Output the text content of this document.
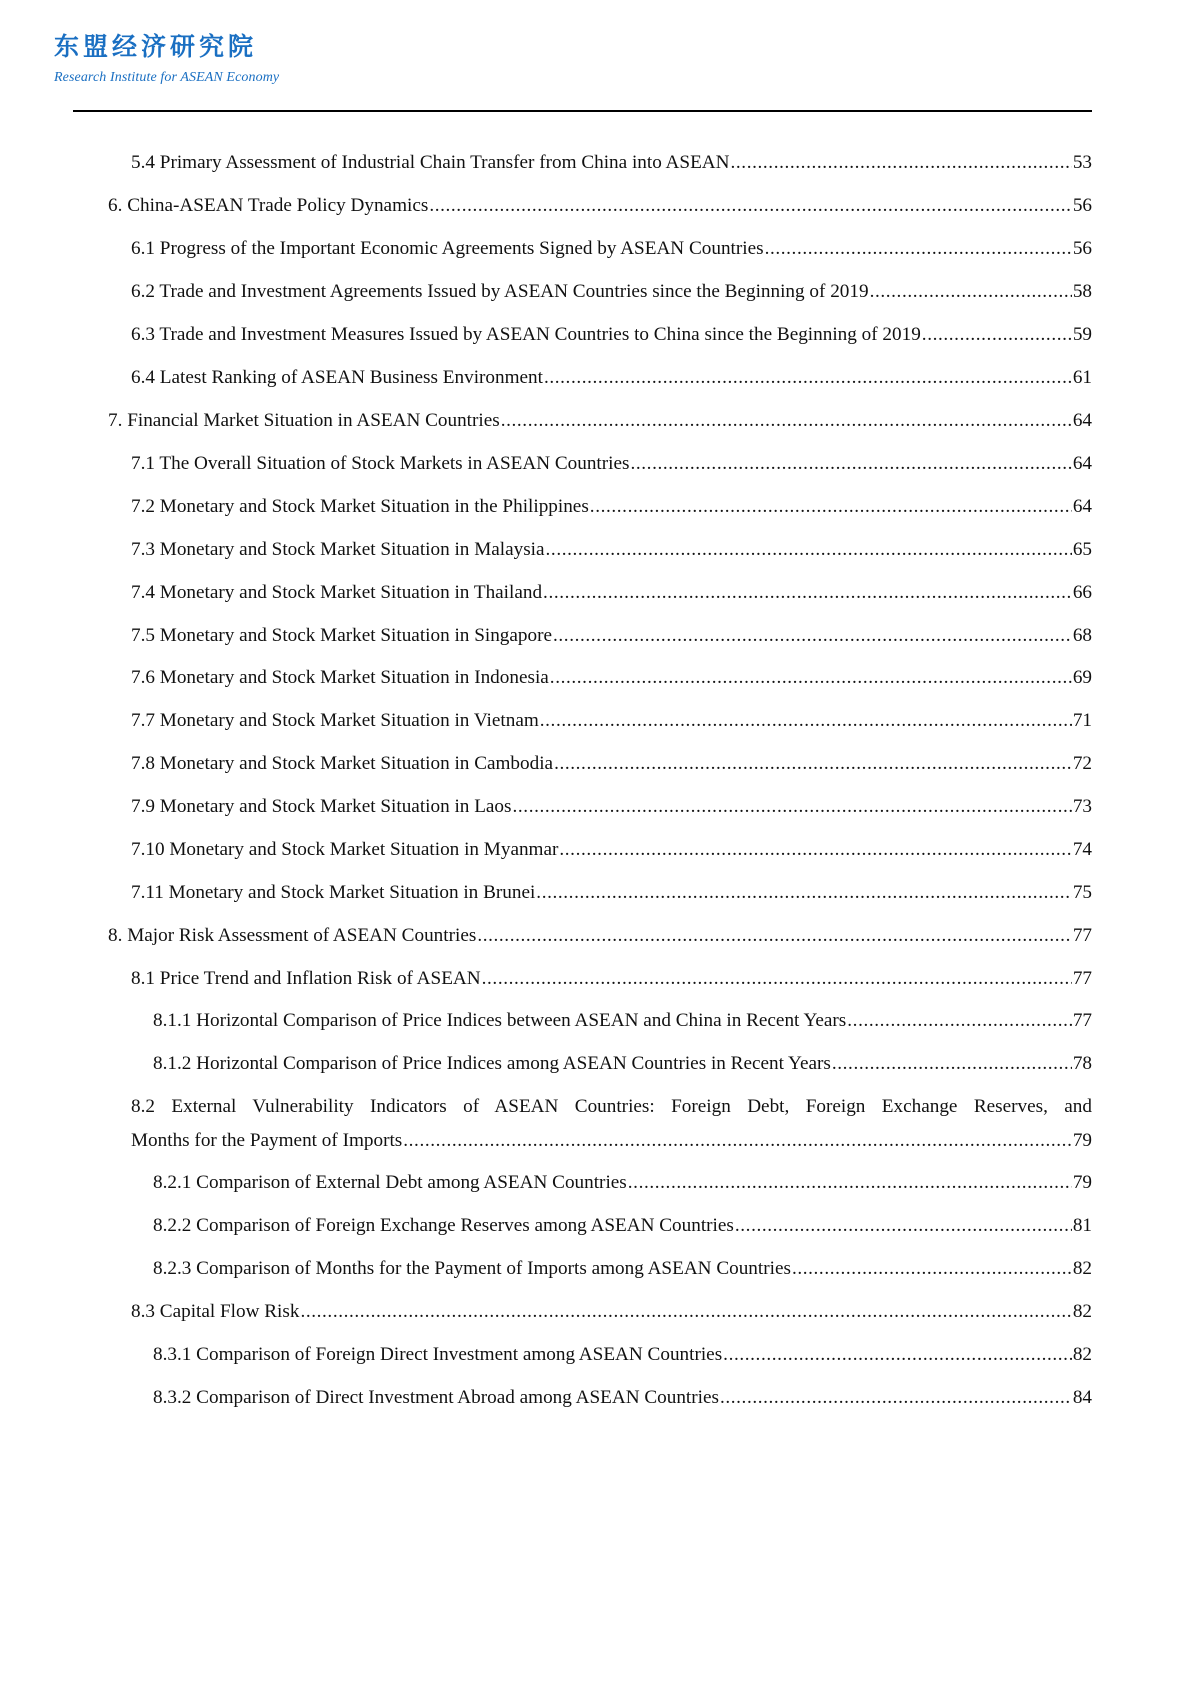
东盟经济研究院
Research Institute for ASEAN Economy
5.4 Primary Assessment of Industrial Chain Transfer from China into ASEAN .....	53
6. China-ASEAN Trade Policy Dynamics .....	56
6.1 Progress of the Important Economic Agreements Signed by ASEAN Countries .....	56
6.2 Trade and Investment Agreements Issued by ASEAN Countries since the Beginning of 2019 .....	58
6.3 Trade and Investment Measures Issued by ASEAN Countries to China since the Beginning of 2019 .....	59
6.4 Latest Ranking of ASEAN Business Environment .....	61
7. Financial Market Situation in ASEAN Countries .....	64
7.1 The Overall Situation of Stock Markets in ASEAN Countries .....	64
7.2 Monetary and Stock Market Situation in the Philippines .....	64
7.3 Monetary and Stock Market Situation in Malaysia .....	65
7.4 Monetary and Stock Market Situation in Thailand .....	66
7.5 Monetary and Stock Market Situation in Singapore .....	68
7.6 Monetary and Stock Market Situation in Indonesia .....	69
7.7 Monetary and Stock Market Situation in Vietnam .....	71
7.8 Monetary and Stock Market Situation in Cambodia .....	72
7.9 Monetary and Stock Market Situation in Laos .....	73
7.10 Monetary and Stock Market Situation in Myanmar .....	74
7.11 Monetary and Stock Market Situation in Brunei .....	75
8. Major Risk Assessment of ASEAN Countries .....	77
8.1 Price Trend and Inflation Risk of ASEAN .....	77
8.1.1 Horizontal Comparison of Price Indices between ASEAN and China in Recent Years .....	77
8.1.2 Horizontal Comparison of Price Indices among ASEAN Countries in Recent Years .....	78
8.2 External Vulnerability Indicators of ASEAN Countries: Foreign Debt, Foreign Exchange Reserves, and
Months for the Payment of Imports .....	79
8.2.1 Comparison of External Debt among ASEAN Countries .....	79
8.2.2 Comparison of Foreign Exchange Reserves among ASEAN Countries .....	81
8.2.3 Comparison of Months for the Payment of Imports among ASEAN Countries .....	82
8.3 Capital Flow Risk .....	82
8.3.1 Comparison of Foreign Direct Investment among ASEAN Countries .....	82
8.3.2 Comparison of Direct Investment Abroad among ASEAN Countries .....	84
